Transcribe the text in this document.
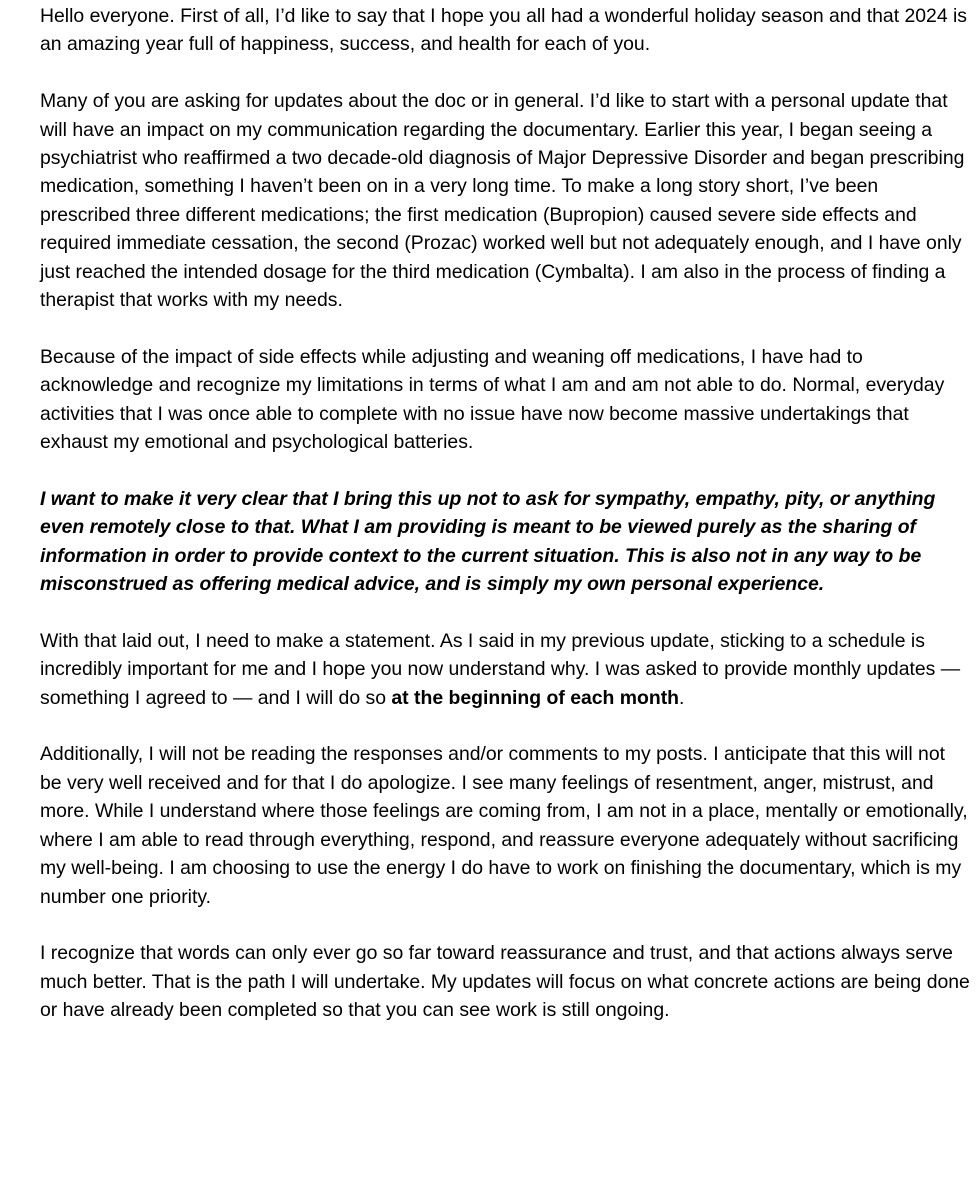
Hello everyone. First of all, I’d like to say that I hope you all had a wonderful holiday season and that 2024 is an amazing year full of happiness, success, and health for each of you.

Many of you are asking for updates about the doc or in general. I’d like to start with a personal update that will have an impact on my communication regarding the documentary. Earlier this year, I began seeing a psychiatrist who reaffirmed a two decade-old diagnosis of Major Depressive Disorder and began prescribing medication, something I haven’t been on in a very long time. To make a long story short, I’ve been prescribed three different medications; the first medication (Bupropion) caused severe side effects and required immediate cessation, the second (Prozac) worked well but not adequately enough, and I have only just reached the intended dosage for the third medication (Cymbalta). I am also in the process of finding a therapist that works with my needs.

Because of the impact of side effects while adjusting and weaning off medications, I have had to acknowledge and recognize my limitations in terms of what I am and am not able to do. Normal, everyday activities that I was once able to complete with no issue have now become massive undertakings that exhaust my emotional and psychological batteries.

I want to make it very clear that I bring this up not to ask for sympathy, empathy, pity, or anything even remotely close to that. What I am providing is meant to be viewed purely as the sharing of information in order to provide context to the current situation. This is also not in any way to be misconstrued as offering medical advice, and is simply my own personal experience.

With that laid out, I need to make a statement. As I said in my previous update, sticking to a schedule is incredibly important for me and I hope you now understand why. I was asked to provide monthly updates — something I agreed to — and I will do so at the beginning of each month.

Additionally, I will not be reading the responses and/or comments to my posts. I anticipate that this will not be very well received and for that I do apologize. I see many feelings of resentment, anger, mistrust, and more. While I understand where those feelings are coming from, I am not in a place, mentally or emotionally, where I am able to read through everything, respond, and reassure everyone adequately without sacrificing my well-being. I am choosing to use the energy I do have to work on finishing the documentary, which is my number one priority.

I recognize that words can only ever go so far toward reassurance and trust, and that actions always serve much better. That is the path I will undertake. My updates will focus on what concrete actions are being done or have already been completed so that you can see work is still ongoing.
